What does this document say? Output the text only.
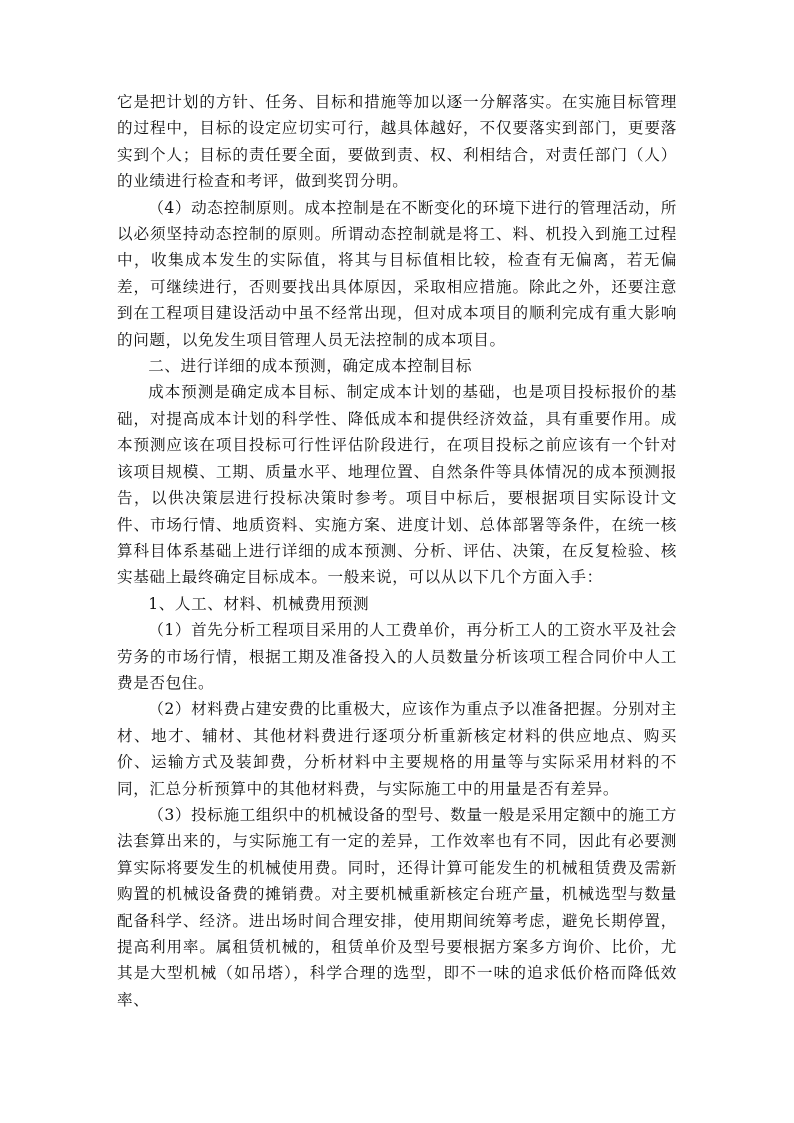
它是把计划的方针、任务、目标和措施等加以逐一分解落实。在实施目标管理的过程中，目标的设定应切实可行，越具体越好，不仅要落实到部门，更要落实到个人；目标的责任要全面，要做到责、权、利相结合，对责任部门（人）的业绩进行检查和考评，做到奖罚分明。

（4）动态控制原则。成本控制是在不断变化的环境下进行的管理活动，所以必须坚持动态控制的原则。所谓动态控制就是将工、料、机投入到施工过程中，收集成本发生的实际值，将其与目标值相比较，检查有无偏离，若无偏差，可继续进行，否则要找出具体原因，采取相应措施。除此之外，还要注意到在工程项目建设活动中虽不经常出现，但对成本项目的顺利完成有重大影响的问题，以免发生项目管理人员无法控制的成本项目。

二、进行详细的成本预测，确定成本控制目标

成本预测是确定成本目标、制定成本计划的基础，也是项目投标报价的基础，对提高成本计划的科学性、降低成本和提供经济效益，具有重要作用。成本预测应该在项目投标可行性评估阶段进行，在项目投标之前应该有一个针对该项目规模、工期、质量水平、地理位置、自然条件等具体情况的成本预测报告，以供决策层进行投标决策时参考。项目中标后，要根据项目实际设计文件、市场行情、地质资料、实施方案、进度计划、总体部署等条件，在统一核算科目体系基础上进行详细的成本预测、分析、评估、决策，在反复检验、核实基础上最终确定目标成本。一般来说，可以从以下几个方面入手：

1、人工、材料、机械费用预测

（1）首先分析工程项目采用的人工费单价，再分析工人的工资水平及社会劳务的市场行情，根据工期及准备投入的人员数量分析该项工程合同价中人工费是否包住。

（2）材料费占建安费的比重极大，应该作为重点予以准备把握。分别对主材、地才、辅材、其他材料费进行逐项分析重新核定材料的供应地点、购买价、运输方式及装卸费，分析材料中主要规格的用量等与实际采用材料的不同，汇总分析预算中的其他材料费，与实际施工中的用量是否有差异。

（3）投标施工组织中的机械设备的型号、数量一般是采用定额中的施工方法套算出来的，与实际施工有一定的差异，工作效率也有不同，因此有必要测算实际将要发生的机械使用费。同时，还得计算可能发生的机械租赁费及需新购置的机械设备费的摊销费。对主要机械重新核定台班产量，机械选型与数量配备科学、经济。进出场时间合理安排，使用期间统筹考虑，避免长期停置，提高利用率。属租赁机械的，租赁单价及型号要根据方案多方询价、比价，尤其是大型机械（如吊塔），科学合理的选型，即不一味的追求低价格而降低效率、
